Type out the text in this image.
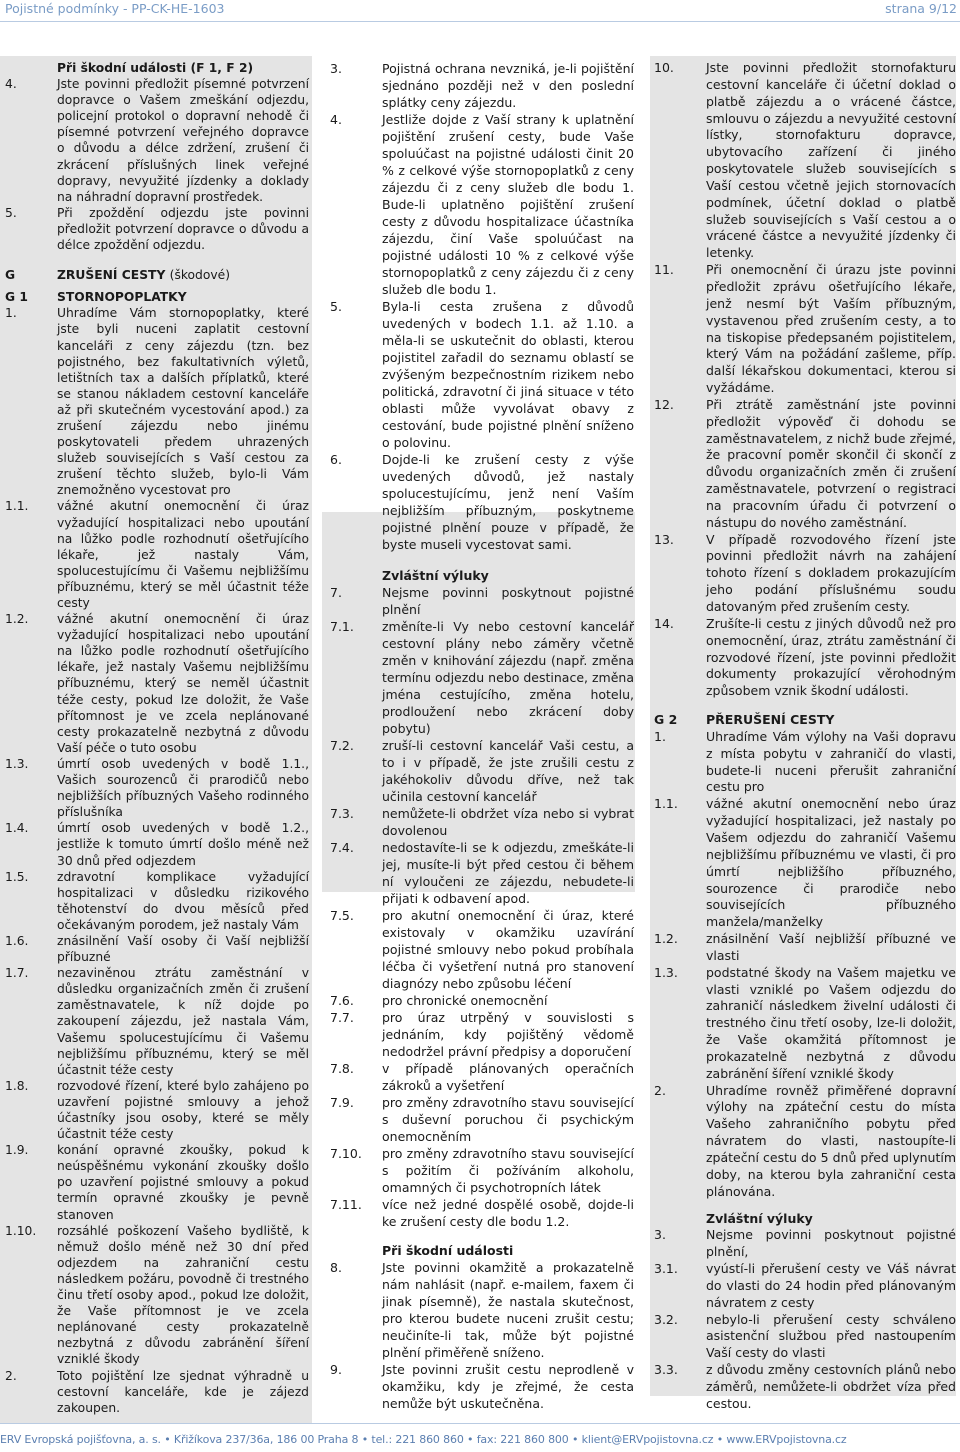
Pojistné podmínky - PP-CK-HE-1603	strana 9/12
Při škodní události (F 1, F 2)
4.	Jste povinni předložit písemné potvrzení dopravce o Vašem zmeškání odjezdu, policejní protokol o dopravní nehodě či písemné potvrzení veřejného dopravce o důvodu a délce zdržení, zrušení či zkrácení příslušných linek veřejné dopravy, nevyužité jízdenky a doklady na náhradní dopravní prostředek.
5.	Při zpoždění odjezdu jste povinni předložit potvrzení dopravce o důvodu a délce zpoždění odjezdu.
G	ZRUŠENÍ CESTY (škodové)
G 1 STORNOPOPLATKY
1.	Uhradíme Vám stornopoplatky, které jste byli nuceni zaplatit cestovní kanceláři z ceny zájezdu (tzn. bez pojistného, bez fakultativních výletů, letištních tax a dalších příplatků, které se stanou nákladem cestovní kanceláře až při skutečném vycestování apod.) za zrušení zájezdu nebo jinému poskytovateli předem uhrazených služeb souvisejících s Vaší cestou za zrušení těchto služeb, bylo-li Vám znemožněno vycestovat pro
1.1. vážné akutní onemocnění či úraz vyžadující hospitalizaci nebo upoutání na lůžko podle rozhodnutí ošetřujícího lékaře, jež nastaly Vám, spolucestujícímu či Vašemu nejbližšímu příbuznému, který se měl účastnit téže cesty
1.2. vážné akutní onemocnění či úraz vyžadující hospitalizaci nebo upoutání na lůžko podle rozhodnutí ošetřujícího lékaře, jež nastaly Vašemu nejbližšímu příbuznému, který se neměl účastnit téže cesty, pokud lze doložit, že Vaše přítomnost je ve zcela neplánované cesty prokazatelně nezbytná z důvodu Vaší péče o tuto osobu
1.3. úmrtí osob uvedených v bodě 1.1., Vašich sourozenců či prarodičů nebo nejbližších příbuzných Vašeho rodinného příslušníka
1.4. úmrtí osob uvedených v bodě 1.2., jestliže k tomuto úmrtí došlo méně než 30 dnů před odjezdem
1.5. zdravotní komplikace vyžadující hospitalizaci v důsledku rizikového těhotenství do dvou měsíců před očekávaným porodem, jež nastaly Vám
1.6. znásilnění Vaší osoby či Vaší nejbližší příbuzné
1.7. nezaviněnou ztrátu zaměstnání v důsledku organizačních změn či zrušení zaměstnavatele, k níž dojde po zakoupení zájezdu, jež nastala Vám, Vašemu spolucestujícímu či Vašemu nejbližšímu příbuznému, který se měl účastnit téže cesty
1.8. rozvodové řízení, které bylo zahájeno po uzavření pojistné smlouvy a jehož účastníky jsou osoby, které se měly účastnit téže cesty
1.9. konání opravné zkoušky, pokud k neúspěšnému vykonání zkoušky došlo po uzavření pojistné smlouvy a pokud termín opravné zkoušky je pevně stanoven
1.10. rozsáhlé poškození Vašeho bydliště, k němuž došlo méně než 30 dní před odjezdem na zahraniční cestu následkem požáru, povodně či trestného činu třetí osoby apod., pokud lze doložit, že Vaše přítomnost je ve zcela neplánované cesty prokazatelně nezbytná z důvodu zabránění šíření vzniklé škody
2.	Toto pojištění lze sjednat výhradně u cestovní kanceláře, kde je zájezd zakoupen.
3.	Pojistná ochrana nevzniká, je-li pojištění sjednáno později než v den poslední splátky ceny zájezdu.
4.	Jestliže dojde z Vaší strany k uplatnění pojištění zrušení cesty, bude Vaše spoluúčast na pojistné události činit 20 % z celkové výše stornopoplatků z ceny zájezdu či z ceny služeb dle bodu 1. Bude-li uplatněno pojištění zrušení cesty z důvodu hospitalizace účastníka zájezdu, činí Vaše spoluúčast na pojistné události 10 % z celkové výše stornopoplatků z ceny zájezdu či z ceny služeb dle bodu 1.
5.	Byla-li cesta zrušena z důvodů uvedených v bodech 1.1. až 1.10. a měla-li se uskutečnit do oblasti, kterou pojistitel zařadil do seznamu oblastí se zvýšeným bezpečnostním rizikem nebo politická, zdravotní či jiná situace v této oblasti může vyvolávat obavy z cestování, bude pojistné plnění sníženo o polovinu.
6.	Dojde-li ke zrušení cesty z výše uvedených důvodů, jež nastaly spolucestujícímu, jenž není Vaším nejbližším příbuzným, poskytneme pojistné plnění pouze v případě, že byste museli vycestovat sami.
Zvláštní výluky
7.	Nejsme povinni poskytnout pojistné plnění
7.1. změníte-li Vy nebo cestovní kancelář cestovní plány nebo záměry včetně změn v knihování zájezdu (např. změna termínu odjezdu nebo destinace, změna jména cestujícího, změna hotelu, prodloužení nebo zkrácení doby pobytu)
7.2. zruší-li cestovní kancelář Vaši cestu, a to i v případě, že jste zrušili cestu z jakéhokoliv důvodu dříve, než tak učinila cestovní kancelář
7.3. nemůžete-li obdržet víza nebo si vybrat dovolenou
7.4. nedostavíte-li se k odjezdu, zmeškáte-li jej, musíte-li být před cestou či během ní vyloučeni ze zájezdu, nebudete-li přijati k odbavení apod.
7.5. pro akutní onemocnění či úraz, které existovaly v okamžiku uzavírání pojistné smlouvy nebo pokud probíhala léčba či vyšetření nutná pro stanovení diagnózy nebo způsobu léčení
7.6. pro chronické onemocnění
7.7. pro úraz utrpěný v souvislosti s jednáním, kdy pojištěný vědomě nedodržel právní předpisy a doporučení
7.8. v případě plánovaných operačních zákroků a vyšetření
7.9. pro změny zdravotního stavu související s duševní poruchou či psychickým onemocněním
7.10. pro změny zdravotního stavu související s požitím či požíváním alkoholu, omamných či psychotropních látek
7.11. více než jedné dospělé osobě, dojde-li ke zrušení cesty dle bodu 1.2.
Při škodní události
8.	Jste povinni okamžitě a prokazatelně nám nahlásit (např. e-mailem, faxem či jinak písemně), že nastala skutečnost, pro kterou budete nuceni zrušit cestu; neučiníte-li tak, může být pojistné plnění přiměřeně sníženo.
9.	Jste povinni zrušit cestu neprodleně v okamžiku, kdy je zřejmé, že cesta nemůže být uskutečněna.
10.	Jste povinni předložit stornofakturu cestovní kanceláře či účetní doklad o platbě zájezdu a o vrácené částce, smlouvu o zájezdu a nevyužité cestovní lístky, stornofakturu dopravce, ubytovacího zařízení či jiného poskytovatele služeb souvisejících s Vaší cestou včetně jejich stornovacích podmínek, účetní doklad o platbě služeb souvisejících s Vaší cestou a o vrácené částce a nevyužité jízdenky či letenky.
11.	Při onemocnění či úrazu jste povinni předložit zprávu ošetřujícího lékaře, jenž nesmí být Vaším příbuzným, vystavenou před zrušením cesty, a to na tiskopise předepsaném pojistitelem, který Vám na požádání zašleme, příp. další lékařskou dokumentaci, kterou si vyžádáme.
12.	Při ztrátě zaměstnání jste povinni předložit výpověď či dohodu se zaměstnavatelem, z nichž bude zřejmé, že pracovní poměr skončil či skončí z důvodu organizačních změn či zrušení zaměstnavatele, potvrzení o registraci na pracovním úřadu či potvrzení o nástupu do nového zaměstnání.
13.	V případě rozvodového řízení jste povinni předložit návrh na zahájení tohoto řízení s dokladem prokazujícím jeho podání příslušnému soudu datovaným před zrušením cesty.
14.	Zrušíte-li cestu z jiných důvodů než pro onemocnění, úraz, ztrátu zaměstnání či rozvodové řízení, jste povinni předložit dokumenty prokazující věrohodným způsobem vznik škodní události.
G 2 PŘERUŠENÍ CESTY
1.	Uhradíme Vám výlohy na Vaši dopravu z místa pobytu v zahraničí do vlasti, budete-li nuceni přerušit zahraniční cestu pro
1.1. vážné akutní onemocnění nebo úraz vyžadující hospitalizaci, jež nastaly po Vašem odjezdu do zahraničí Vašemu nejbližšímu příbuznému ve vlasti, či pro úmrtí nejbližšího příbuzného, sourozence či prarodiče nebo souvisejících příbuzného manžela/manželky
1.2. znásilnění Vaší nejbližší příbuzné ve vlasti
1.3. podstatné škody na Vašem majetku ve vlasti vzniklé po Vašem odjezdu do zahraničí následkem živelní události či trestného činu třetí osoby, lze-li doložit, že Vaše okamžitá přítomnost je prokazatelně nezbytná z důvodu zabránění šíření vzniklé škody
2.	Uhradíme rovněž přiměřené dopravní výlohy na zpáteční cestu do místa Vašeho zahraničního pobytu před návratem do vlasti, nastoupíte-li zpáteční cestu do 5 dnů před uplynutím doby, na kterou byla zahraniční cesta plánována.
Zvláštní výluky
3.	Nejsme povinni poskytnout pojistné plnění,
3.1. vyústí-li přerušení cesty ve Váš návrat do vlasti do 24 hodin před plánovaným návratem z cesty
3.2. nebylo-li přerušení cesty schváleno asistenční službou před nastoupením Vaší cesty do vlasti
3.3. z důvodu změny cestovních plánů nebo záměrů, nemůžete-li obdržet víza před cestou.
ERV Evropská pojišťovna, a. s. • Křižíkova 237/36a, 186 00 Praha 8 • tel.: 221 860 860 • fax: 221 860 800 • klient@ERVpojistovna.cz • www.ERVpojistovna.cz
